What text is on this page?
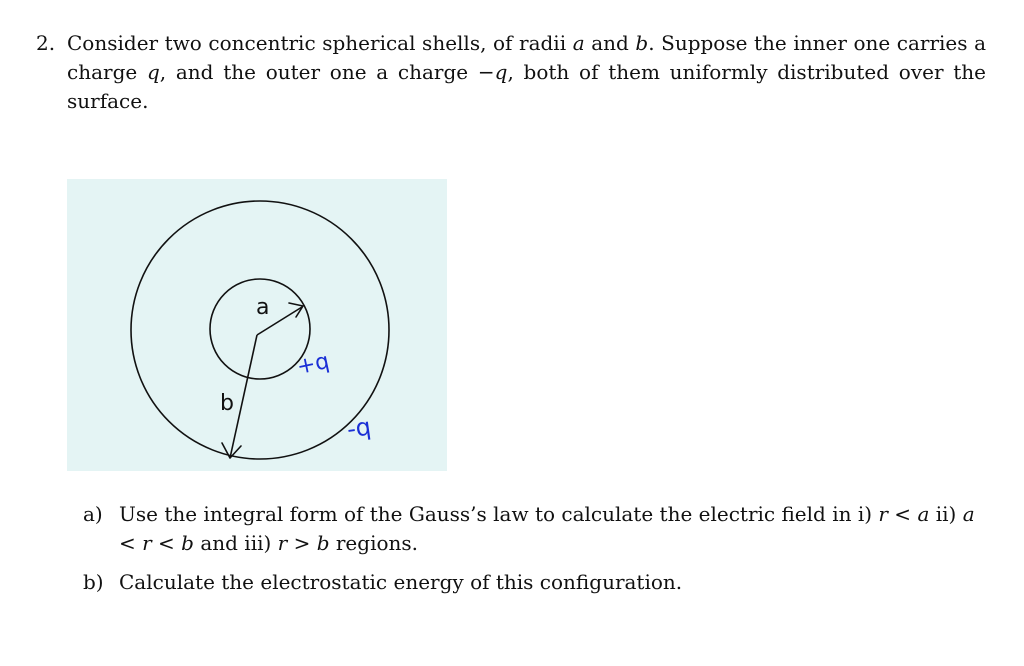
2. Consider two concentric spherical shells, of radii a and b. Suppose the inner one carries a charge q, and the outer one a charge −q, both of them uniformly distributed over the surface.
a
b
+q
-q
a) Use the integral form of the Gauss’s law to calculate the electric field in i) r < a ii) a < r < b and iii) r > b regions.
b) Calculate the electrostatic energy of this configuration.
